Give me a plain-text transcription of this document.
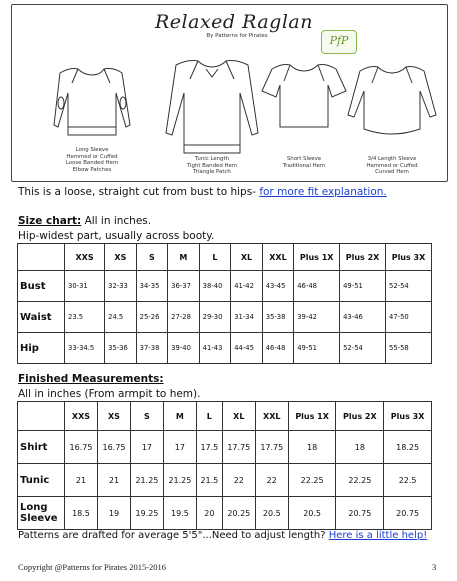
Relaxed Raglan
By Patterns for Pirates	PfP
Long Sleeve
Hemmed or Cuffed
Loose Banded Hem
Elbow Patches
Tunic Length
Tight Banded Hem
Triangle Patch
Short Sleeve
Traditional Hem
3/4 Length Sleeve
Hemmed or Cuffed
Curved Hem
This is a loose, straight cut from bust to hips- for more fit explanation.
Size chart: All in inches.
Hip-widest part, usually across booty.
	XXS	XS	S	M	L	XL	XXL	Plus 1X	Plus 2X	Plus 3X
Bust	30-31	32-33	34-35	36-37	38-40	41-42	43-45	46-48	49-51	52-54
Waist	23.5	24.5	25-26	27-28	29-30	31-34	35-38	39-42	43-46	47-50
Hip	33-34.5	35-36	37-38	39-40	41-43	44-45	46-48	49-51	52-54	55-58
Finished Measurements:
All in inches (From armpit to hem).
	XXS	XS	S	M	L	XL	XXL	Plus 1X	Plus 2X	Plus 3X
Shirt	16.75	16.75	17	17	17.5	17.75	17.75	18	18	18.25
Tunic	21	21	21.25	21.25	21.5	22	22	22.25	22.25	22.5
Long Sleeve	18.5	19	19.25	19.5	20	20.25	20.5	20.5	20.75	20.75
Patterns are drafted for average 5'5"...Need to adjust length? Here is a little help!
Copyright @Patterns for Pirates 2015-2016	3
